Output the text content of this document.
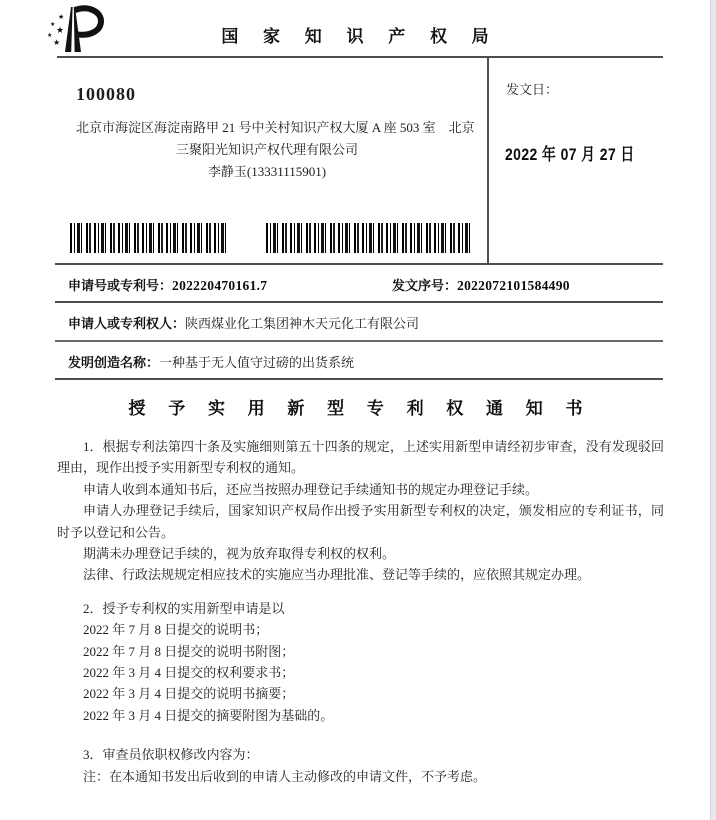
★
★ ★
★
★	国 家 知 识 产 权 局
100080
北京市海淀区海淀南路甲 21 号中关村知识产权大厦 A 座 503 室　北京
三聚阳光知识产权代理有限公司
李静玉(13331115901)
发文日：
2022 年 07 月 27 日
申请号或专利号：202220470161.7	发文序号：2022072101584490
申请人或专利权人：陕西煤业化工集团神木天元化工有限公司
发明创造名称：一种基于无人值守过磅的出货系统
授 予 实 用 新 型 专 利 权 通 知 书

1．根据专利法第四十条及实施细则第五十四条的规定，上述实用新型申请经初步审查，没有发现驳回理由，现作出授予实用新型专利权的通知。

申请人收到本通知书后，还应当按照办理登记手续通知书的规定办理登记手续。

申请人办理登记手续后，国家知识产权局作出授予实用新型专利权的决定，颁发相应的专利证书，同时予以登记和公告。

期满未办理登记手续的，视为放弃取得专利权的权利。

法律、行政法规规定相应技术的实施应当办理批准、登记等手续的，应依照其规定办理。

2．授予专利权的实用新型申请是以

2022 年 7 月 8 日提交的说明书；

2022 年 7 月 8 日提交的说明书附图；

2022 年 3 月 4 日提交的权利要求书；

2022 年 3 月 4 日提交的说明书摘要；

2022 年 3 月 4 日提交的摘要附图为基础的。

3．审查员依职权修改内容为：

注：在本通知书发出后收到的申请人主动修改的申请文件，不予考虑。
